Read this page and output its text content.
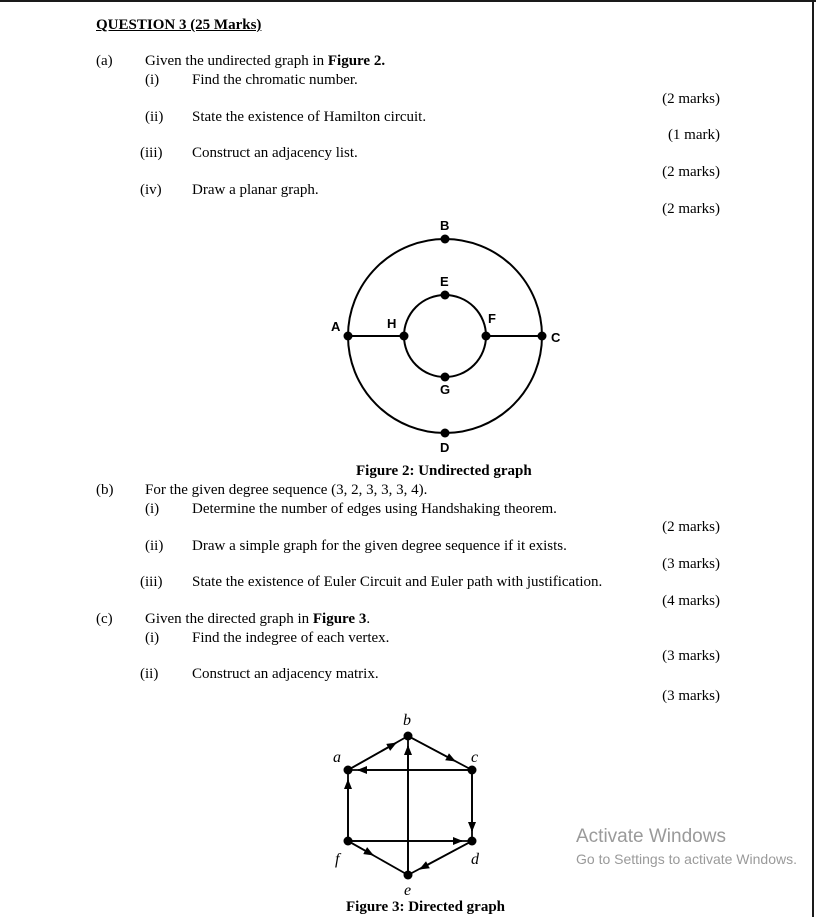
QUESTION 3 (25 Marks)
(a) Given the undirected graph in Figure 2.
(i) Find the chromatic number.
(2 marks)
(ii) State the existence of Hamilton circuit.
(1 mark)
(iii) Construct an adjacency list.
(2 marks)
(iv) Draw a planar graph.
(2 marks)
A
B
C
D
E
F
G
H
Figure 2: Undirected graph
(b) For the given degree sequence (3, 2, 3, 3, 3, 4).
(i) Determine the number of edges using Handshaking theorem.
(2 marks)
(ii) Draw a simple graph for the given degree sequence if it exists.
(3 marks)
(iii) State the existence of Euler Circuit and Euler path with justification.
(4 marks)
(c) Given the directed graph in Figure 3.
(i) Find the indegree of each vertex.
(3 marks)
(ii) Construct an adjacency matrix.
(3 marks)
a
b
c
d
e
f
Figure 3: Directed graph
Activate Windows
Go to Settings to activate Windows.
